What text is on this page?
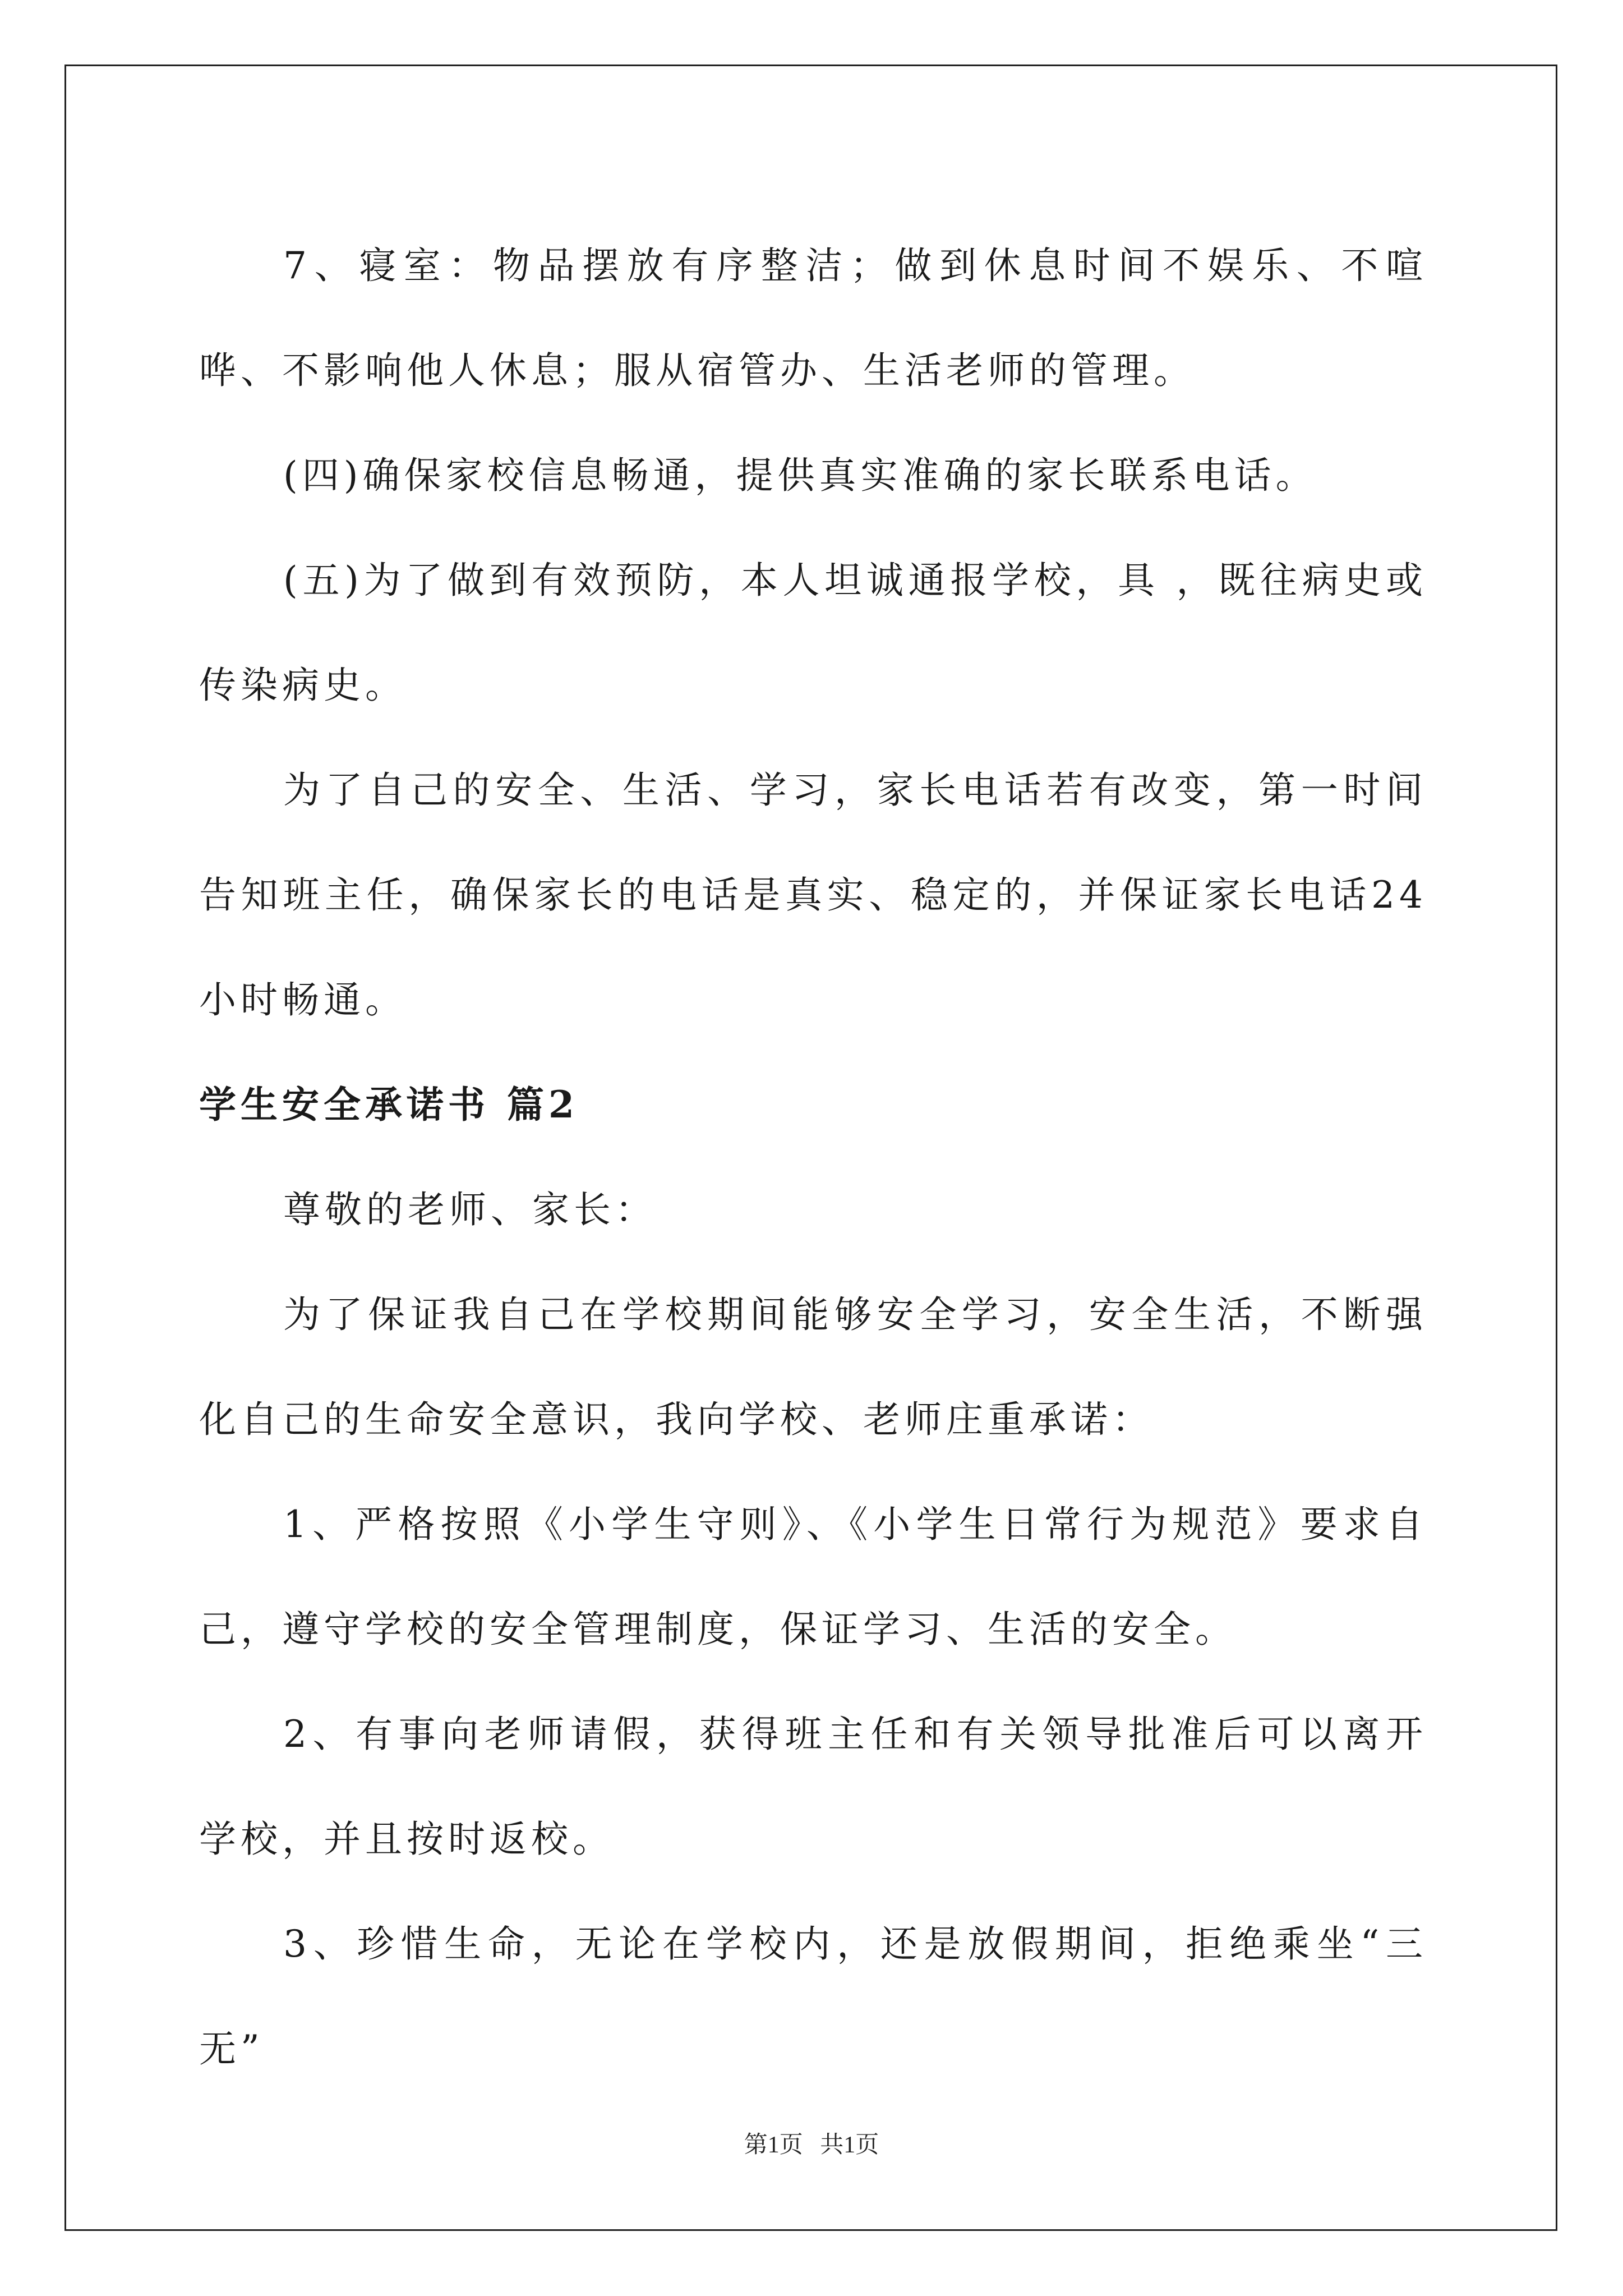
7、寝室：物品摆放有序整洁；做到休息时间不娱乐、不喧哗、不影响他人休息；服从宿管办、生活老师的管理。

(四)确保家校信息畅通，提供真实准确的家长联系电话。

(五)为了做到有效预防，本人坦诚通报学校，具 ，既往病史或传染病史。

为了自己的安全、生活、学习，家长电话若有改变，第一时间告知班主任，确保家长的电话是真实、稳定的，并保证家长电话24小时畅通。

学生安全承诺书 篇2

尊敬的老师、家长：

为了保证我自己在学校期间能够安全学习，安全生活，不断强化自己的生命安全意识，我向学校、老师庄重承诺：

1、严格按照《小学生守则》、《小学生日常行为规范》要求自己，遵守学校的安全管理制度，保证学习、生活的安全。

2、有事向老师请假，获得班主任和有关领导批准后可以离开学校，并且按时返校。

3、珍惜生命，无论在学校内，还是放假期间，拒绝乘坐“三无”

第1页 共1页
